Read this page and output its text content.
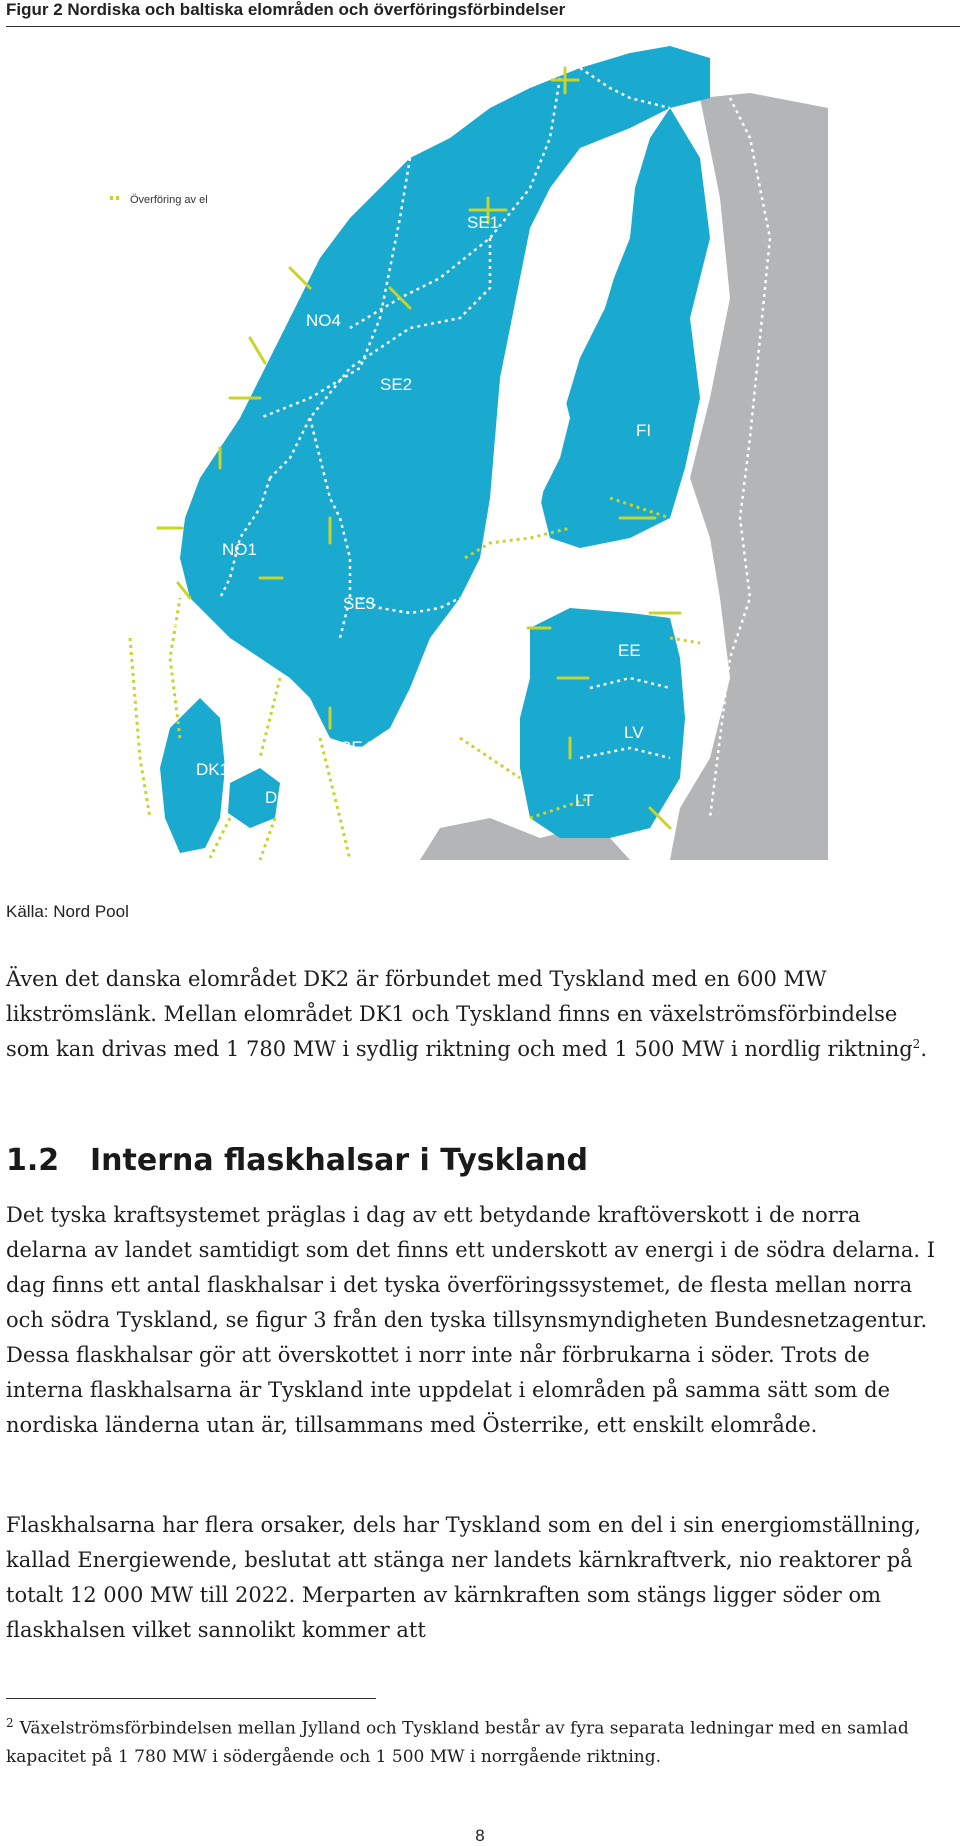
Figur 2 Nordiska och baltiska elområden och överföringsförbindelser
Överföring av el
SE1
SE2
SE3
SE4
NO4
NO3
NO5
NO1
NO2
FI
EE
LV
LT
DK1
DK2
Källa: Nord Pool

Även det danska elområdet DK2 är förbundet med Tyskland med en 600 MW likströmslänk. Mellan elområdet DK1 och Tyskland finns en växelströmsförbindelse som kan drivas med 1 780 MW i sydlig riktning och med 1 500 MW i nordlig riktning$^2$.

1.2 Interna flaskhalsar i Tyskland

Det tyska kraftsystemet präglas i dag av ett betydande kraftöverskott i de norra delarna av landet samtidigt som det finns ett underskott av energi i de södra delarna. I dag finns ett antal flaskhalsar i det tyska överföringssystemet, de flesta mellan norra och södra Tyskland, se figur 3 från den tyska tillsynsmyndigheten Bundesnetzagentur. Dessa flaskhalsar gör att överskottet i norr inte når förbrukarna i söder. Trots de interna flaskhalsarna är Tyskland inte uppdelat i elområden på samma sätt som de nordiska länderna utan är, tillsammans med Österrike, ett enskilt elområde.

Flaskhalsarna har flera orsaker, dels har Tyskland som en del i sin energiomställning, kallad Energiewende, beslutat att stänga ner landets kärnkraftverk, nio reaktorer på totalt 12 000 MW till 2022. Merparten av kärnkraften som stängs ligger söder om flaskhalsen vilket sannolikt kommer att

$^2$ Växelströmsförbindelsen mellan Jylland och Tyskland består av fyra separata ledningar med en samlad kapacitet på 1 780 MW i södergående och 1 500 MW i norrgående riktning.

8
